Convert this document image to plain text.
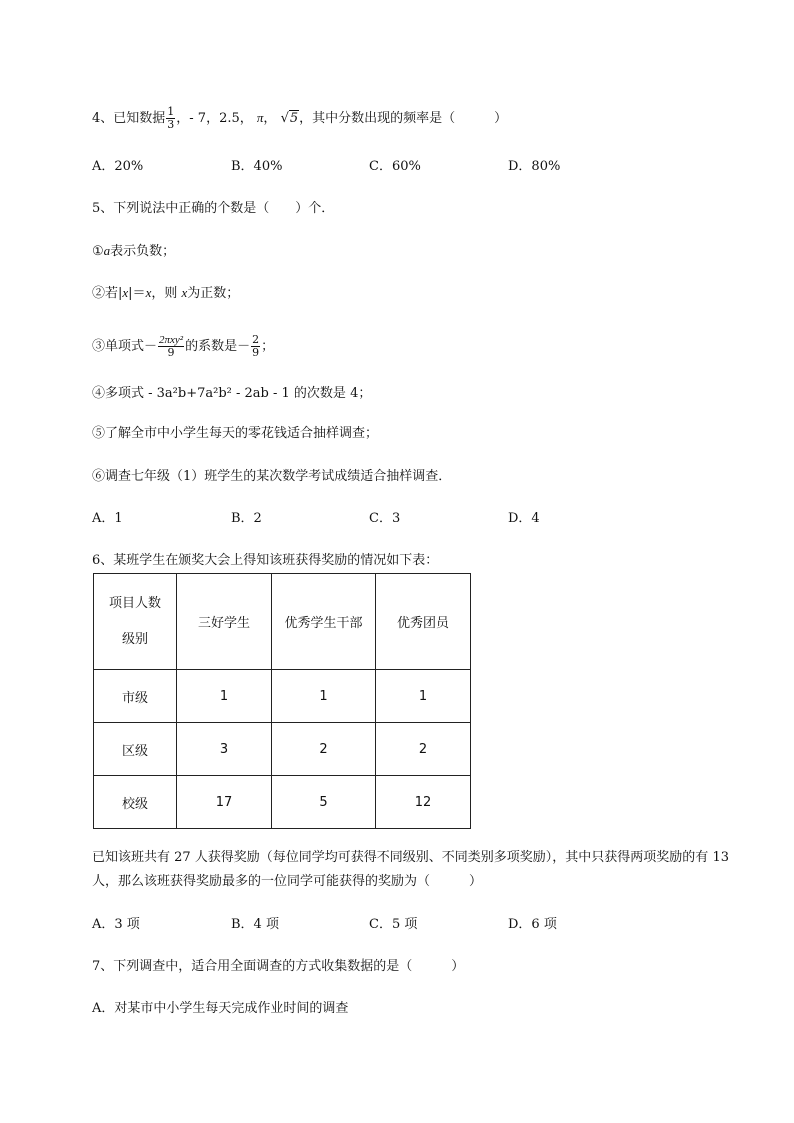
4、已知数据 $\frac{1}{3}$ ，- 7，2.5， π， √5，其中分数出现的频率是（　　　）
A．20%	B．40%	C．60%	D．80%
5、下列说法中正确的个数是（　　）个．
①a表示负数；
②若|x|＝x，则 x为正数；
③单项式－ $\frac{\text{2πxy²}}{9}$ 的系数是－ $\frac{2}{9}$ ；
④多项式 - 3a²b+7a²b² - 2ab - 1 的次数是 4；
⑤了解全市中小学生每天的零花钱适合抽样调查；
⑥调查七年级（1）班学生的某次数学考试成绩适合抽样调查．
A．1	B．2	C．3	D．4
6、某班学生在颁奖大会上得知该班获得奖励的情况如下表：
项目人数
级别	三好学生	优秀学生干部	优秀团员
市级	1	1	1
区级	3	2	2
校级	17	5	12
已知该班共有 27 人获得奖励（每位同学均可获得不同级别、不同类别多项奖励），其中只获得两项奖励的有 13 人，那么该班获得奖励最多的一位同学可能获得的奖励为（　　　）
A．3 项	B．4 项	C．5 项	D．6 项
7、下列调查中，适合用全面调查的方式收集数据的是（　　　）
A．对某市中小学生每天完成作业时间的调查
